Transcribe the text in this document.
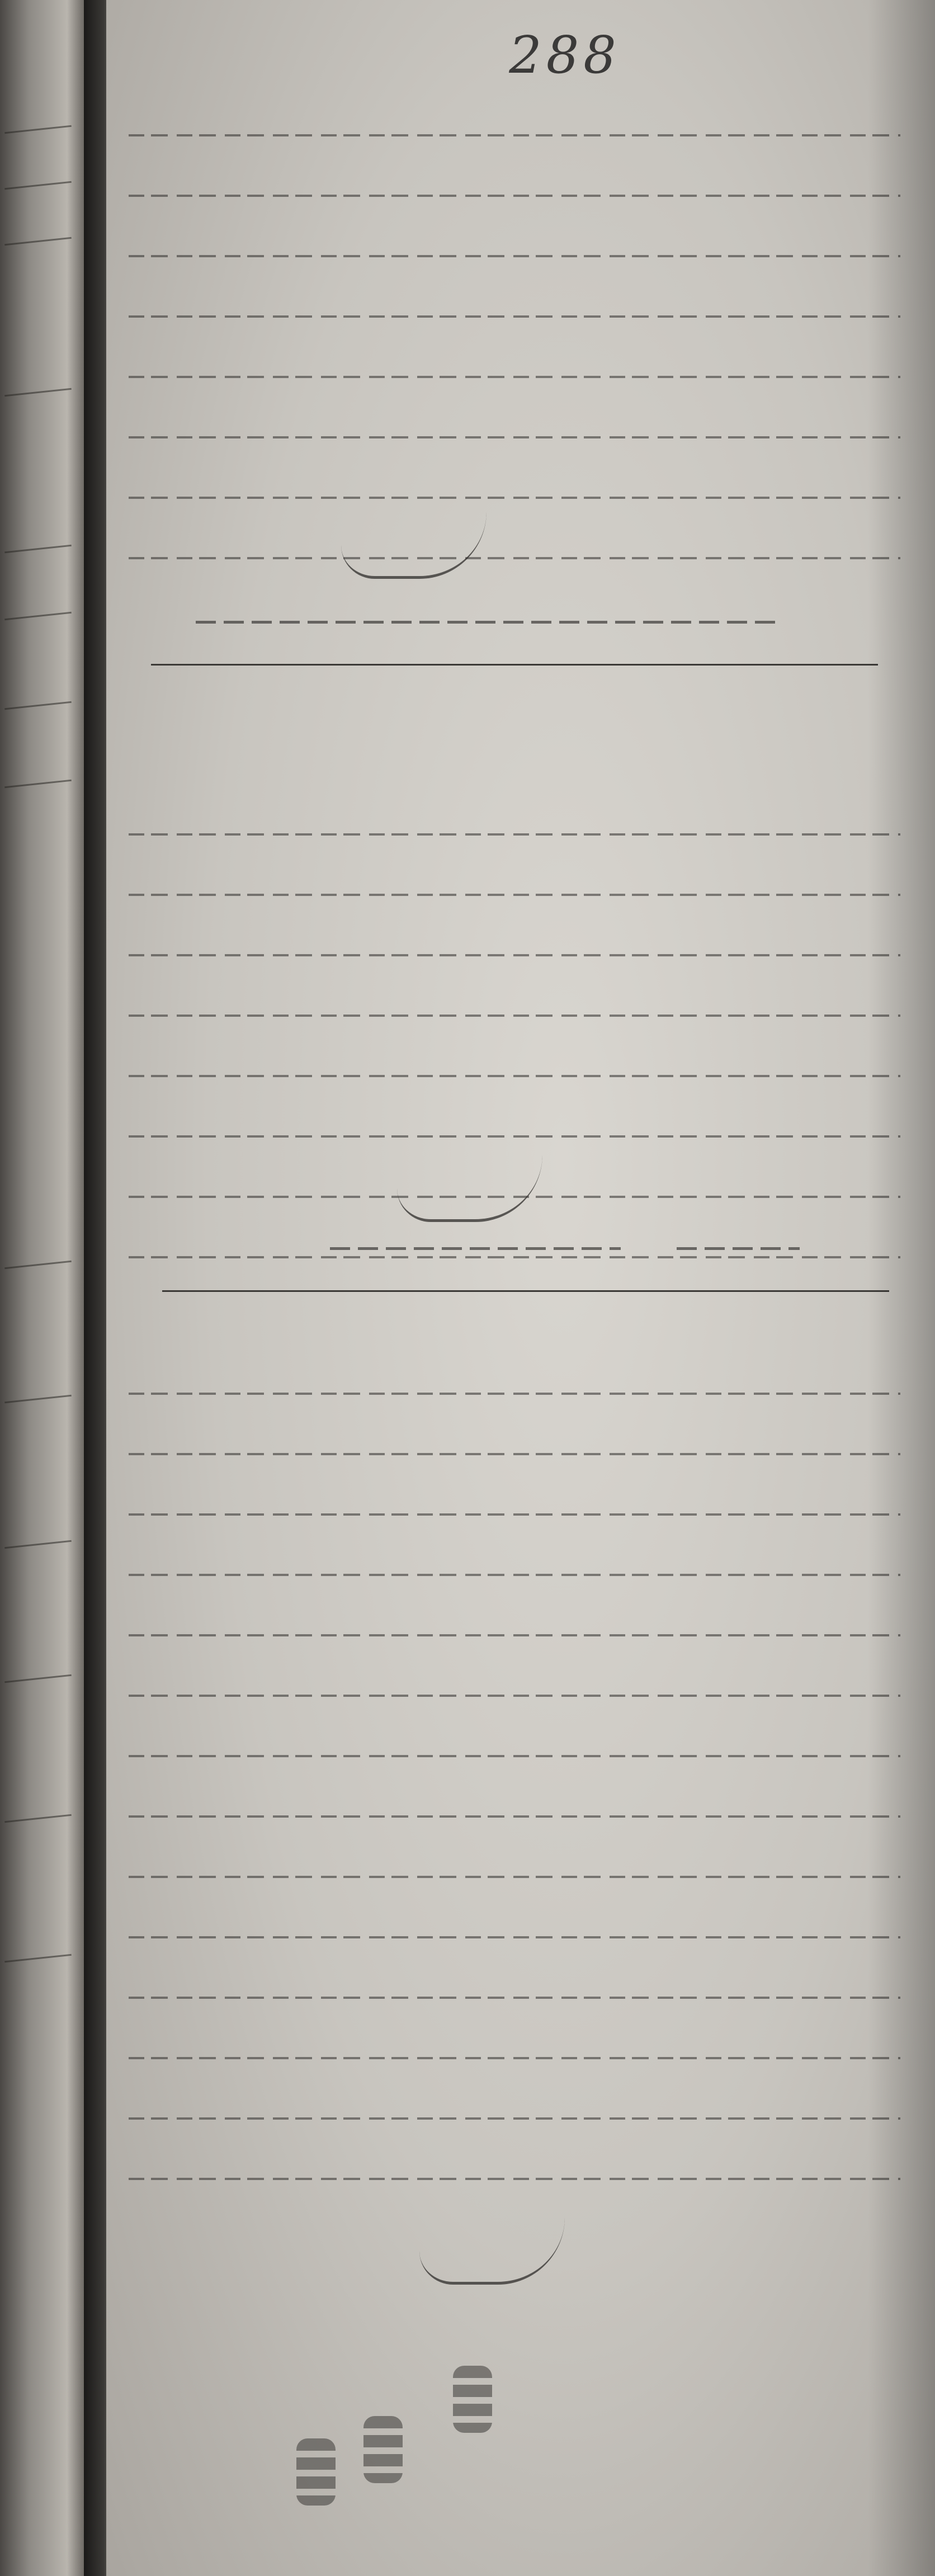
288
